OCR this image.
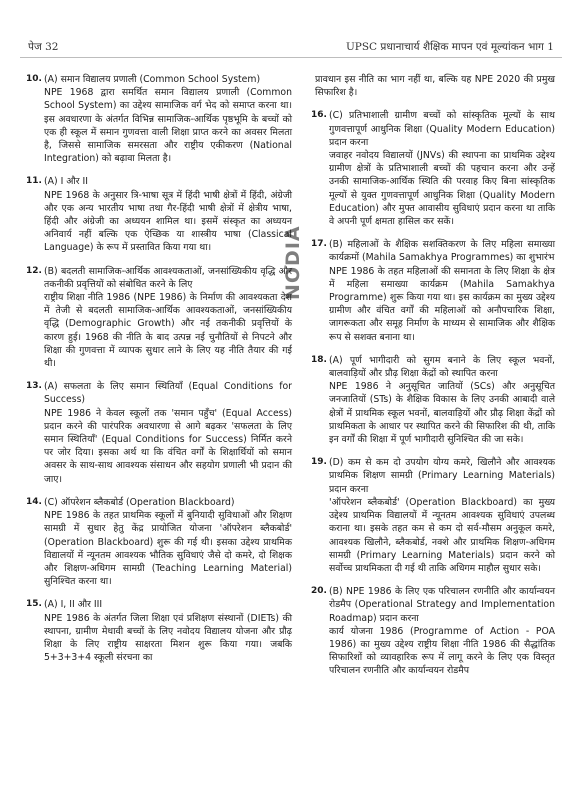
पेज 32	UPSC प्रधानाचार्य शैक्षिक मापन एवं मूल्यांकन भाग 1
NODIA
10. (A) समान विद्यालय प्रणाली (Common School System)

NPE 1968 द्वारा समर्थित समान विद्यालय प्रणाली (Common School System) का उद्देश्य सामाजिक वर्ग भेद को समाप्त करना था। इस अवधारणा के अंतर्गत विभिन्न सामाजिक-आर्थिक पृष्ठभूमि के बच्चों को एक ही स्कूल में समान गुणवत्ता वाली शिक्षा प्राप्त करने का अवसर मिलता है, जिससे सामाजिक समरसता और राष्ट्रीय एकीकरण (National Integration) को बढ़ावा मिलता है।

11. (A) I और II

NPE 1968 के अनुसार त्रि-भाषा सूत्र में हिंदी भाषी क्षेत्रों में हिंदी, अंग्रेजी और एक अन्य भारतीय भाषा तथा गैर-हिंदी भाषी क्षेत्रों में क्षेत्रीय भाषा, हिंदी और अंग्रेजी का अध्ययन शामिल था। इसमें संस्कृत का अध्ययन अनिवार्य नहीं बल्कि एक ऐच्छिक या शास्त्रीय भाषा (Classical Language) के रूप में प्रस्तावित किया गया था।

12. (B) बदलती सामाजिक-आर्थिक आवश्यकताओं, जनसांख्यिकीय वृद्धि और तकनीकी प्रवृत्तियों को संबोधित करने के लिए

राष्ट्रीय शिक्षा नीति 1986 (NPE 1986) के निर्माण की आवश्यकता देश में तेजी से बदलती सामाजिक-आर्थिक आवश्यकताओं, जनसांख्यिकीय वृद्धि (Demographic Growth) और नई तकनीकी प्रवृत्तियों के कारण हुई। 1968 की नीति के बाद उत्पन्न नई चुनौतियों से निपटने और शिक्षा की गुणवत्ता में व्यापक सुधार लाने के लिए यह नीति तैयार की गई थी।

13. (A) सफलता के लिए समान स्थितियाँ (Equal Conditions for Success)

NPE 1986 ने केवल स्कूलों तक 'समान पहुँच' (Equal Access) प्रदान करने की पारंपरिक अवधारणा से आगे बढ़कर 'सफलता के लिए समान स्थितियाँ' (Equal Conditions for Success) निर्मित करने पर जोर दिया। इसका अर्थ था कि वंचित वर्गों के शिक्षार्थियों को समान अवसर के साथ-साथ आवश्यक संसाधन और सहयोग प्रणाली भी प्रदान की जाए।

14. (C) ऑपरेशन ब्लैकबोर्ड (Operation Blackboard)

NPE 1986 के तहत प्राथमिक स्कूलों में बुनियादी सुविधाओं और शिक्षण सामग्री में सुधार हेतु केंद्र प्रायोजित योजना 'ऑपरेशन ब्लैकबोर्ड' (Operation Blackboard) शुरू की गई थी। इसका उद्देश्य प्राथमिक विद्यालयों में न्यूनतम आवश्यक भौतिक सुविधाएं जैसे दो कमरे, दो शिक्षक और शिक्षण-अधिगम सामग्री (Teaching Learning Material) सुनिश्चित करना था।

15. (A) I, II और III

NPE 1986 के अंतर्गत जिला शिक्षा एवं प्रशिक्षण संस्थानों (DIETs) की स्थापना, ग्रामीण मेधावी बच्चों के लिए नवोदय विद्यालय योजना और प्रौढ़ शिक्षा के लिए राष्ट्रीय साक्षरता मिशन शुरू किया गया। जबकि 5+3+3+4 स्कूली संरचना का

प्रावधान इस नीति का भाग नहीं था, बल्कि यह NPE 2020 की प्रमुख सिफारिश है।

16. (C) प्रतिभाशाली ग्रामीण बच्चों को सांस्कृतिक मूल्यों के साथ गुणवत्तापूर्ण आधुनिक शिक्षा (Quality Modern Education) प्रदान करना

जवाहर नवोदय विद्यालयों (JNVs) की स्थापना का प्राथमिक उद्देश्य ग्रामीण क्षेत्रों के प्रतिभाशाली बच्चों की पहचान करना और उन्हें उनकी सामाजिक-आर्थिक स्थिति की परवाह किए बिना सांस्कृतिक मूल्यों से युक्त गुणवत्तापूर्ण आधुनिक शिक्षा (Quality Modern Education) और मुफ्त आवासीय सुविधाएं प्रदान करना था ताकि वे अपनी पूर्ण क्षमता हासिल कर सकें।

17. (B) महिलाओं के शैक्षिक सशक्तिकरण के लिए महिला समाख्या कार्यक्रमों (Mahila Samakhya Programmes) का शुभारंभ

NPE 1986 के तहत महिलाओं की समानता के लिए शिक्षा के क्षेत्र में महिला समाख्या कार्यक्रम (Mahila Samakhya Programme) शुरू किया गया था। इस कार्यक्रम का मुख्य उद्देश्य ग्रामीण और वंचित वर्गों की महिलाओं को अनौपचारिक शिक्षा, जागरूकता और समूह निर्माण के माध्यम से सामाजिक और शैक्षिक रूप से सशक्त बनाना था।

18. (A) पूर्ण भागीदारी को सुगम बनाने के लिए स्कूल भवनों, बालवाड़ियों और प्रौढ़ शिक्षा केंद्रों को स्थापित करना

NPE 1986 ने अनुसूचित जातियों (SCs) और अनुसूचित जनजातियों (STs) के शैक्षिक विकास के लिए उनकी आबादी वाले क्षेत्रों में प्राथमिक स्कूल भवनों, बालवाड़ियों और प्रौढ़ शिक्षा केंद्रों को प्राथमिकता के आधार पर स्थापित करने की सिफारिश की थी, ताकि इन वर्गों की शिक्षा में पूर्ण भागीदारी सुनिश्चित की जा सके।

19. (D) कम से कम दो उपयोग योग्य कमरे, खिलौने और आवश्यक प्राथमिक शिक्षण सामग्री (Primary Learning Materials) प्रदान करना

'ऑपरेशन ब्लैकबोर्ड' (Operation Blackboard) का मुख्य उद्देश्य प्राथमिक विद्यालयों में न्यूनतम आवश्यक सुविधाएं उपलब्ध कराना था। इसके तहत कम से कम दो सर्व-मौसम अनुकूल कमरे, आवश्यक खिलौने, ब्लैकबोर्ड, नक्शे और प्राथमिक शिक्षण-अधिगम सामग्री (Primary Learning Materials) प्रदान करने को सर्वोच्च प्राथमिकता दी गई थी ताकि अधिगम माहौल सुधार सके।

20. (B) NPE 1986 के लिए एक परिचालन रणनीति और कार्यान्वयन रोडमैप (Operational Strategy and Implementation Roadmap) प्रदान करना

कार्य योजना 1986 (Programme of Action - POA 1986) का मुख्य उद्देश्य राष्ट्रीय शिक्षा नीति 1986 की सैद्धांतिक सिफारिशों को व्यावहारिक रूप में लागू करने के लिए एक विस्तृत परिचालन रणनीति और कार्यान्वयन रोडमैप
